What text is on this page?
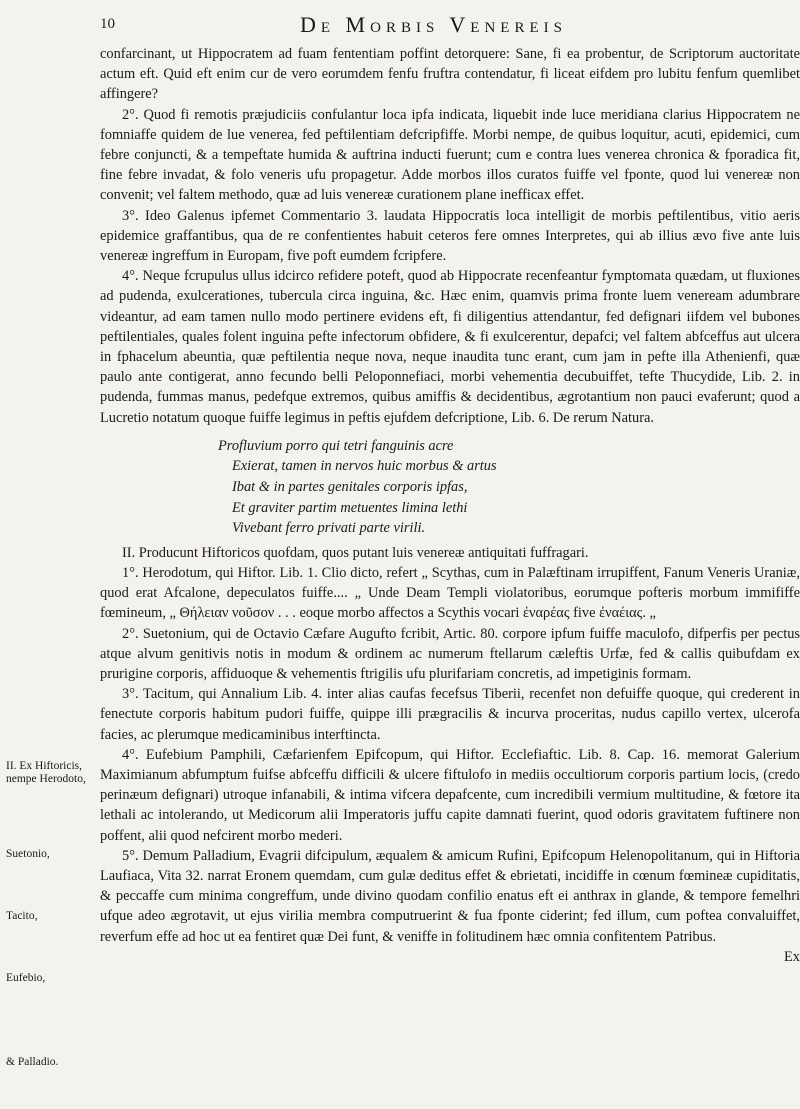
10	De Morbis Venereis
II. Ex Hiftoricis, nempe Herodoto,
Suetonio,
Tacito,
Eufebio,
& Palladio.

confarcinant, ut Hippocratem ad fuam fententiam poffint detorquere: Sane, fi ea probentur, de Scriptorum auctoritate actum eft. Quid eft enim cur de vero eorumdem fenfu fruftra contendatur, fi liceat eifdem pro lubitu fenfum quemlibet affingere?

2°. Quod fi remotis præjudiciis confulantur loca ipfa indicata, liquebit inde luce meridiana clarius Hippocratem ne fomniaffe quidem de lue venerea, fed peftilentiam defcripfiffe. Morbi nempe, de quibus loquitur, acuti, epidemici, cum febre conjuncti, & a tempeftate humida & auftrina inducti fuerunt; cum e contra lues venerea chronica & fporadica fit, fine febre invadat, & folo veneris ufu propagetur. Adde morbos illos curatos fuiffe vel fponte, quod lui venereæ non convenit; vel faltem methodo, quæ ad luis venereæ curationem plane inefficax effet.

3°. Ideo Galenus ipfemet Commentario 3. laudata Hippocratis loca intelligit de morbis peftilentibus, vitio aeris epidemice graffantibus, qua de re confentientes habuit ceteros fere omnes Interpretes, qui ab illius ævo five ante luis venereæ ingreffum in Europam, five poft eumdem fcripfere.

4°. Neque fcrupulus ullus idcirco refidere poteft, quod ab Hippocrate recenfeantur fymptomata quædam, ut fluxiones ad pudenda, exulcerationes, tubercula circa inguina, &c. Hæc enim, quamvis prima fronte luem veneream adumbrare videantur, ad eam tamen nullo modo pertinere evidens eft, fi diligentius attendantur, fed defignari iifdem vel bubones peftilentiales, quales folent inguina pefte infectorum obfidere, & fi exulcerentur, depafci; vel faltem abfceffus aut ulcera in fphacelum abeuntia, quæ peftilentia neque nova, neque inaudita tunc erant, cum jam in pefte illa Athenienfi, quæ paulo ante contigerat, anno fecundo belli Peloponnefiaci, morbi vehementia decubuiffet, tefte Thucydide, Lib. 2. in pudenda, fummas manus, pedefque extremos, quibus amiffis & decidentibus, ægrotantium non pauci evaferunt; quod a Lucretio notatum quoque fuiffe legimus in peftis ejufdem defcriptione, Lib. 6. De rerum Natura.

Profluvium porro qui tetri fanguinis acre
Exierat, tamen in nervos huic morbus & artus
Ibat & in partes genitales corporis ipfas,
Et graviter partim metuentes limina lethi
Vivebant ferro privati parte virili.

II. Producunt Hiftoricos quofdam, quos putant luis venereæ antiquitati fuffragari.

1°. Herodotum, qui Hiftor. Lib. 1. Clio dicto, refert „ Scythas, cum in Palæftinam irrupiffent, Fanum Veneris Uraniæ, quod erat Afcalone, depeculatos fuiffe.... „ Unde Deam Templi violatoribus, eorumque pofteris morbum immififfe fœmineum, „ Θήλειαν νοῦσον . . . eoque morbo affectos a Scythis vocari ἐναρέας five ἐναέιας. „

2°. Suetonium, qui de Octavio Cæfare Augufto fcribit, Artic. 80. corpore ipfum fuiffe maculofo, difperfis per pectus atque alvum genitivis notis in modum & ordinem ac numerum ftellarum cæleftis Urfæ, fed & callis quibufdam ex prurigine corporis, affiduoque & vehementis ftrigilis ufu plurifariam concretis, ad impetiginis formam.

3°. Tacitum, qui Annalium Lib. 4. inter alias caufas fecefsus Tiberii, recenfet non defuiffe quoque, qui crederent in fenectute corporis habitum pudori fuiffe, quippe illi prægracilis & incurva proceritas, nudus capillo vertex, ulcerofa facies, ac plerumque medicaminibus interftincta.

4°. Eufebium Pamphili, Cæfarienfem Epifcopum, qui Hiftor. Ecclefiaftic. Lib. 8. Cap. 16. memorat Galerium Maximianum abfumptum fuifse abfceffu difficili & ulcere fiftulofo in mediis occultiorum corporis partium locis, (credo perinæum defignari) utroque infanabili, & intima vifcera depafcente, cum incredibili vermium multitudine, & fœtore ita lethali ac intolerando, ut Medicorum alii Imperatoris juffu capite damnati fuerint, quod odoris gravitatem fuftinere non poffent, alii quod nefcirent morbo mederi.

5°. Demum Palladium, Evagrii difcipulum, æqualem & amicum Rufini, Epifcopum Helenopolitanum, qui in Hiftoria Laufiaca, Vita 32. narrat Eronem quemdam, cum gulæ deditus effet & ebrietati, incidiffe in cœnum fœmineæ cupiditatis, & peccaffe cum minima congreffum, unde divino quodam confilio enatus eft ei anthrax in glande, & tempore femelhri ufque adeo ægrotavit, ut ejus virilia membra computruerint & fua fponte ciderint; fed illum, cum poftea convaluiffet, reverfum effe ad hoc ut ea fentiret quæ Dei funt, & veniffe in folitudinem hæc omnia confitentem Patribus.

Ex
